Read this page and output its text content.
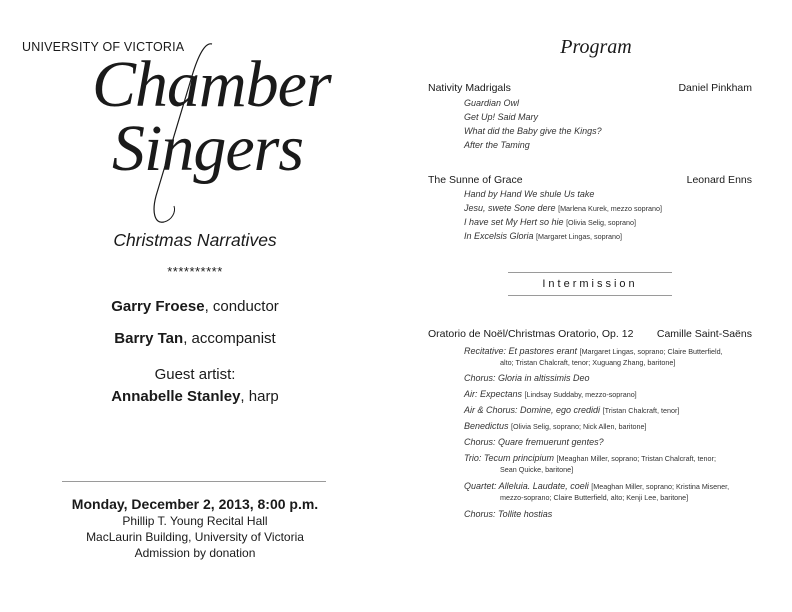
UNIVERSITY OF VICTORIA
Chamber
Singers
Christmas Narratives
**********
Garry Froese, conductor
Barry Tan, accompanist
Guest artist:
Annabelle Stanley, harp
Monday, December 2, 2013, 8:00 p.m.
Phillip T. Young Recital Hall
MacLaurin Building, University of Victoria
Admission by donation
Program
Nativity Madrigals	Daniel Pinkham
Guardian Owl
Get Up! Said Mary
What did the Baby give the Kings?
After the Taming
The Sunne of Grace	Leonard Enns
Hand by Hand We shule Us take
Jesu, swete Sone dere [Marlena Kurek, mezzo soprano]
I have set My Hert so hie [Olivia Selig, soprano]
In Excelsis Gloria [Margaret Lingas, soprano]
Intermission
Oratorio de Noël/Christmas Oratorio, Op. 12 Camille Saint-Saëns
Recitative: Et pastores erant [Margaret Lingas, soprano; Claire Butterfield,
alto; Tristan Chalcraft, tenor; Xuguang Zhang, baritone]
Chorus: Gloria in altissimis Deo
Air: Expectans [Lindsay Suddaby, mezzo-soprano]
Air & Chorus: Domine, ego credidi [Tristan Chalcraft, tenor]
Benedictus [Olivia Selig, soprano; Nick Allen, baritone]
Chorus: Quare fremuerunt gentes?
Trio: Tecum principium [Meaghan Miller, soprano; Tristan Chalcraft, tenor;
Sean Quicke, baritone]
Quartet: Alleluia. Laudate, coeli [Meaghan Miller, soprano; Kristina Misener,
mezzo-soprano; Claire Butterfield, alto; Kenji Lee, baritone]
Chorus: Tollite hostias
